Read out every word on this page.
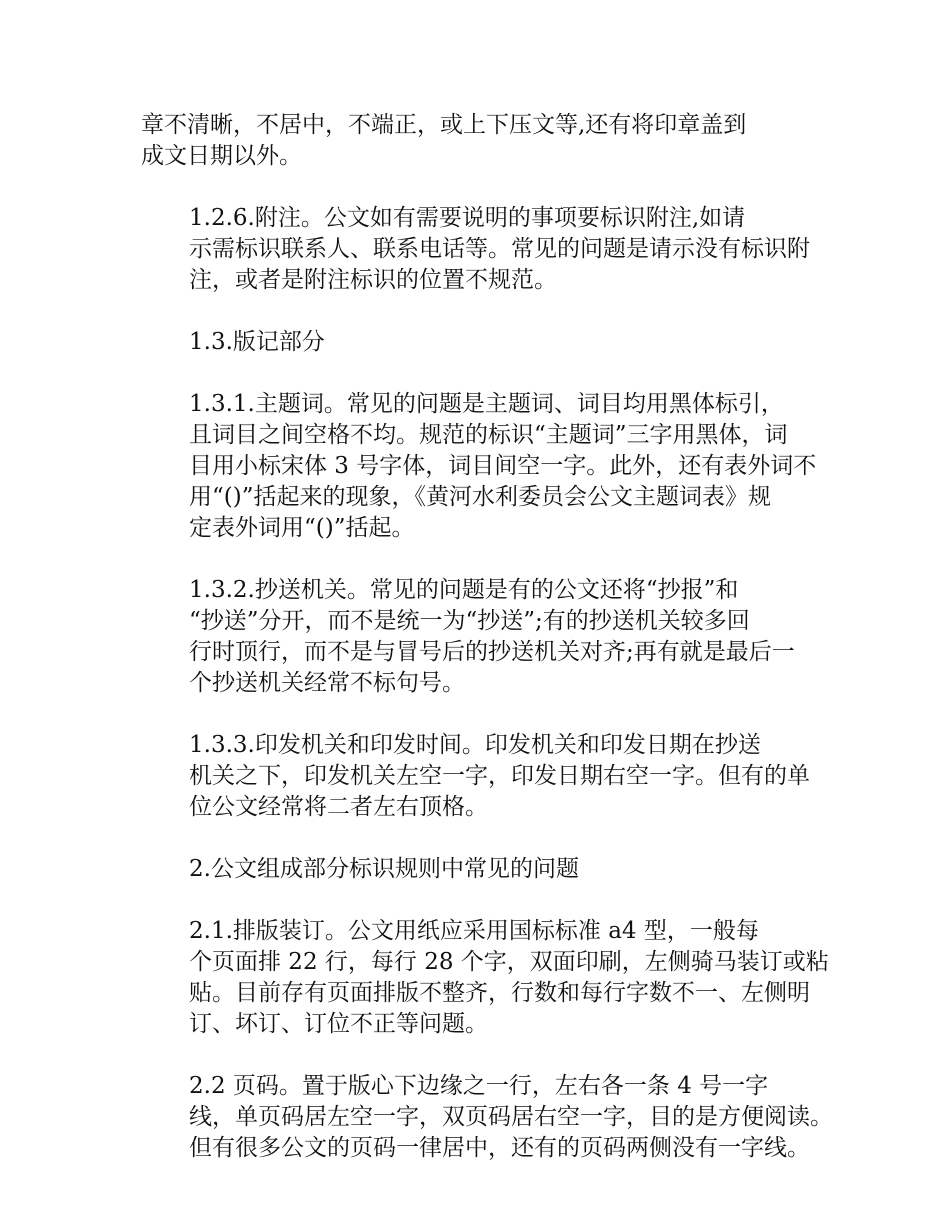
章不清晰，不居中，不端正，或上下压文等,还有将印章盖到
成文日期以外。

1.2.6.附注。公文如有需要说明的事项要标识附注,如请
示需标识联系人、联系电话等。常见的问题是请示没有标识附
注，或者是附注标识的位置不规范。

1.3.版记部分

1.3.1.主题词。常见的问题是主题词、词目均用黑体标引，
且词目之间空格不均。规范的标识“主题词”三字用黑体，词
目用小标宋体 3 号字体，词目间空一字。此外，还有表外词不
用“()”括起来的现象，《黄河水利委员会公文主题词表》规
定表外词用“()”括起。

1.3.2.抄送机关。常见的问题是有的公文还将“抄报”和
“抄送”分开，而不是统一为“抄送”;有的抄送机关较多回
行时顶行，而不是与冒号后的抄送机关对齐;再有就是最后一
个抄送机关经常不标句号。

1.3.3.印发机关和印发时间。印发机关和印发日期在抄送
机关之下，印发机关左空一字，印发日期右空一字。但有的单
位公文经常将二者左右顶格。

2.公文组成部分标识规则中常见的问题

2.1.排版装订。公文用纸应采用国标标准 a4 型，一般每
个页面排 22 行，每行 28 个字，双面印刷，左侧骑马装订或粘
贴。目前存有页面排版不整齐，行数和每行字数不一、左侧明
订、坏订、订位不正等问题。

2.2 页码。置于版心下边缘之一行，左右各一条 4 号一字
线，单页码居左空一字，双页码居右空一字，目的是方便阅读。
但有很多公文的页码一律居中，还有的页码两侧没有一字线。
